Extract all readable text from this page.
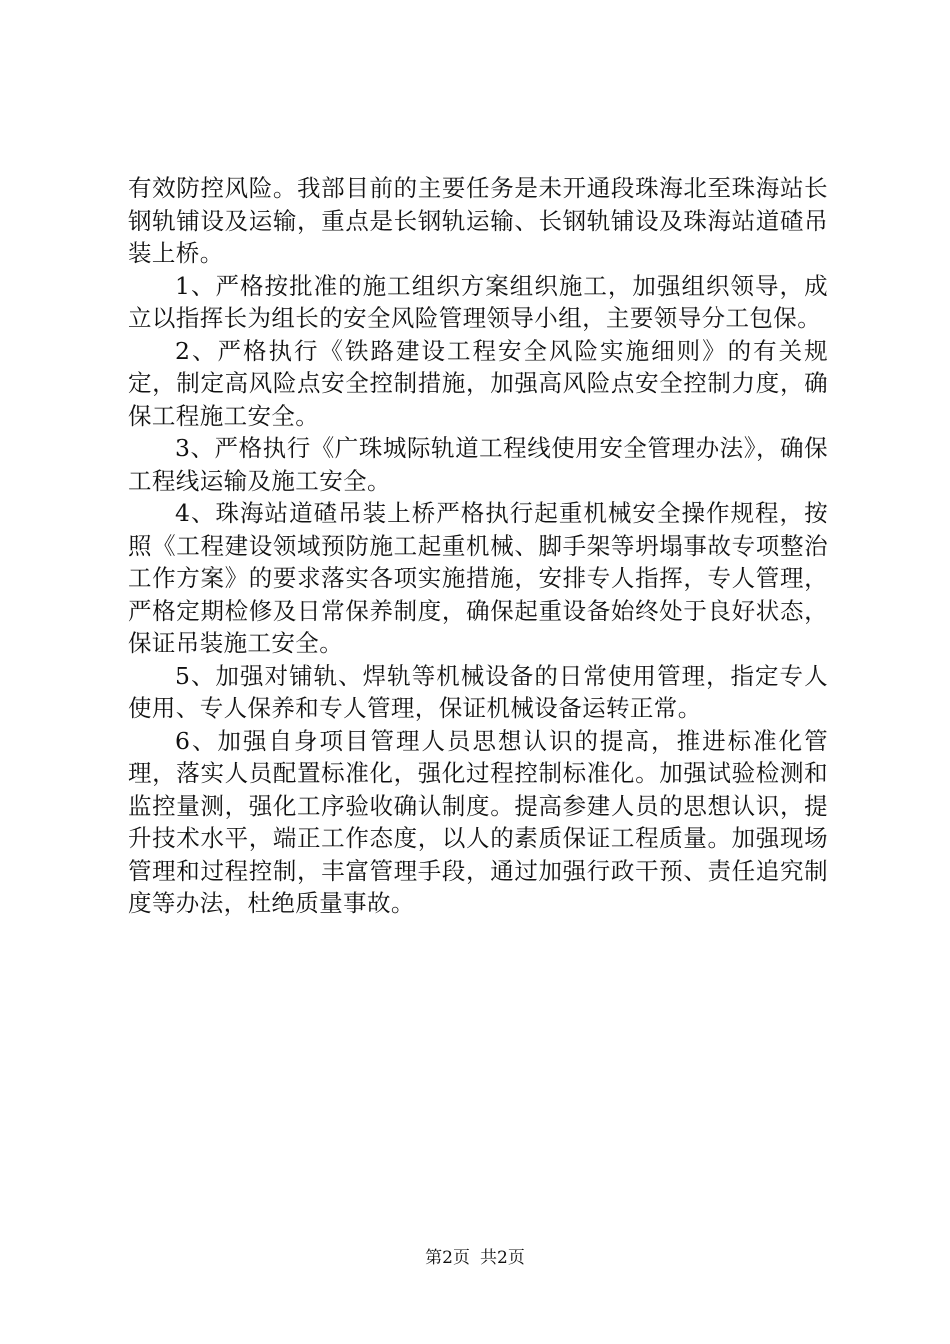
有效防控风险。我部目前的主要任务是未开通段珠海北至珠海站长钢轨铺设及运输，重点是长钢轨运输、长钢轨铺设及珠海站道碴吊装上桥。

1、严格按批准的施工组织方案组织施工，加强组织领导，成立以指挥长为组长的安全风险管理领导小组，主要领导分工包保。

2、严格执行《铁路建设工程安全风险实施细则》的有关规定，制定高风险点安全控制措施，加强高风险点安全控制力度，确保工程施工安全。

3、严格执行《广珠城际轨道工程线使用安全管理办法》，确保工程线运输及施工安全。

4、珠海站道碴吊装上桥严格执行起重机械安全操作规程，按照《工程建设领域预防施工起重机械、脚手架等坍塌事故专项整治工作方案》的要求落实各项实施措施，安排专人指挥，专人管理，严格定期检修及日常保养制度，确保起重设备始终处于良好状态，保证吊装施工安全。

5、加强对铺轨、焊轨等机械设备的日常使用管理，指定专人使用、专人保养和专人管理，保证机械设备运转正常。

6、加强自身项目管理人员思想认识的提高，推进标准化管理，落实人员配置标准化，强化过程控制标准化。加强试验检测和监控量测，强化工序验收确认制度。提高参建人员的思想认识，提升技术水平，端正工作态度，以人的素质保证工程质量。加强现场管理和过程控制，丰富管理手段，通过加强行政干预、责任追究制度等办法，杜绝质量事故。

第2页 共2页
